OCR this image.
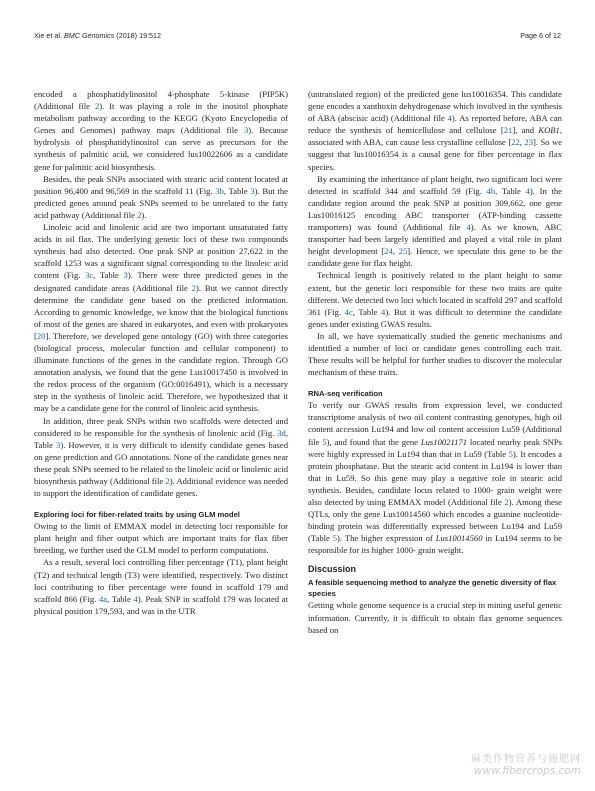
Xie et al. BMC Genomics (2018) 19:512	Page 6 of 12

encoded a phosphatidylinositol 4-phosphate 5-kinase (PIP5K) (Additional file 2). It was playing a role in the inositol phosphate metabolism pathway according to the KEGG (Kyoto Encyclopedia of Genes and Genomes) pathway maps (Additional file 3). Because hydrolysis of phosphatidylinositol can serve as precursors for the synthesis of palmitic acid, we considered lus10022606 as a candidate gene for palmitic acid biosynthesis.

Besides, the peak SNPs associated with stearic acid content located at position 96,400 and 96,569 in the scaffold 11 (Fig. 3b, Table 3). But the predicted genes around peak SNPs seemed to be unrelated to the fatty acid pathway (Additional file 2).

Linoleic acid and linolenic acid are two important unsaturated fatty acids in oil flax. The underlying genetic loci of these two compounds synthesis had also detected. One peak SNP at position 27,622 in the scaffold 1253 was a significant signal corresponding to the linoleic acid content (Fig. 3c, Table 3). There were three predicted genes in the designated candidate areas (Additional file 2). But we cannot directly determine the candidate gene based on the predicted information. According to genomic knowledge, we know that the biological functions of most of the genes are shared in eukaryotes, and even with prokaryotes [20]. Therefore, we developed gene ontology (GO) with three categories (biological process, molecular function and cellular component) to illuminate functions of the genes in the candidate region. Through GO annotation analysis, we found that the gene Lus10017450 is involved in the redox process of the organism (GO:0016491), which is a necessary step in the synthesis of linoleic acid. Therefore, we hypothesized that it may be a candidate gene for the control of linoleic acid synthesis.

In addition, three peak SNPs within two scaffolds were detected and considered to be responsible for the synthesis of linolenic acid (Fig. 3d, Table 3). However, it is very difficult to identify candidate genes based on gene prediction and GO annotations. None of the candidate genes near these peak SNPs seemed to be related to the linoleic acid or linolenic acid biosynthesis pathway (Additional file 2). Additional evidence was needed to support the identification of candidate genes.

Exploring loci for fiber-related traits by using GLM model

Owing to the limit of EMMAX model in detecting loci responsible for plant height and fiber output which are important traits for flax fiber breeding, we further used the GLM model to perform computations.

As a result, several loci controlling fiber percentage (T1), plant height (T2) and technical length (T3) were identified, respectively. Two distinct loci contributing to fiber percentage were found in scaffold 179 and scaffold 866 (Fig. 4a, Table 4). Peak SNP in scaffold 179 was located at physical position 179,593, and was in the UTR

(untranslated region) of the predicted gene lus10016354. This candidate gene encodes a xanthoxin dehydrogenase which involved in the synthesis of ABA (abscisic acid) (Additional file 4). As reported before, ABA can reduce the synthesis of hemicellulose and cellulose [21], and KOB1, associated with ABA, can cause less crystalline cellulose [22, 23]. So we suggest that lus10016354 is a causal gene for fiber percentage in flax species.

By examining the inheritance of plant height, two significant loci were detected in scaffold 344 and scaffold 59 (Fig. 4b, Table 4). In the candidate region around the peak SNP at position 309,662, one gene Lus10016125 encoding ABC transporter (ATP-binding cassette transporters) was found (Additional file 4). As we known, ABC transporter had been largely identified and played a vital role in plant height development [24, 25]. Hence, we speculate this gene to be the candidate gene for flax height.

Technical length is positively related to the plant height to some extent, but the genetic loci responsible for these two traits are quite different. We detected two loci which located in scaffold 297 and scaffold 361 (Fig. 4c, Table 4). But it was difficult to determine the candidate genes under existing GWAS results.

In all, we have systematically studied the genetic mechanisms and identified a number of loci or candidate genes controlling each trait. These results will be helpful for further studies to discover the molecular mechanism of these traits.

RNA-seq verification

To verify our GWAS results from expression level, we conducted transcriptome analysis of two oil content contrasting genotypes, high oil content accession Lu194 and low oil content accession Lu59 (Additional file 5), and found that the gene Lus10021171 located nearby peak SNPs were highly expressed in Lu194 than that in Lu59 (Table 5). It encodes a protein phosphatase. But the stearic acid content in Lu194 is lower than that in Lu59. So this gene may play a negative role in stearic acid synthesis. Besides, candidate locus related to 1000- grain weight were also detected by using EMMAX model (Additional file 2). Among these QTLs, only the gene Lus10014560 which encodes a guanine nucleotide-binding protein was differentially expressed between Lu194 and Lu59 (Table 5). The higher expression of Lus10014560 in Lu194 seems to be responsible for its higher 1000- grain weight.

Discussion
A feasible sequencing method to analyze the genetic diversity of flax species

Getting whole genome sequence is a crucial step in mining useful genetic information. Currently, it is difficult to obtain flax genome sequences based on

麻类作物营养与施肥网
www.fibercrops.com
